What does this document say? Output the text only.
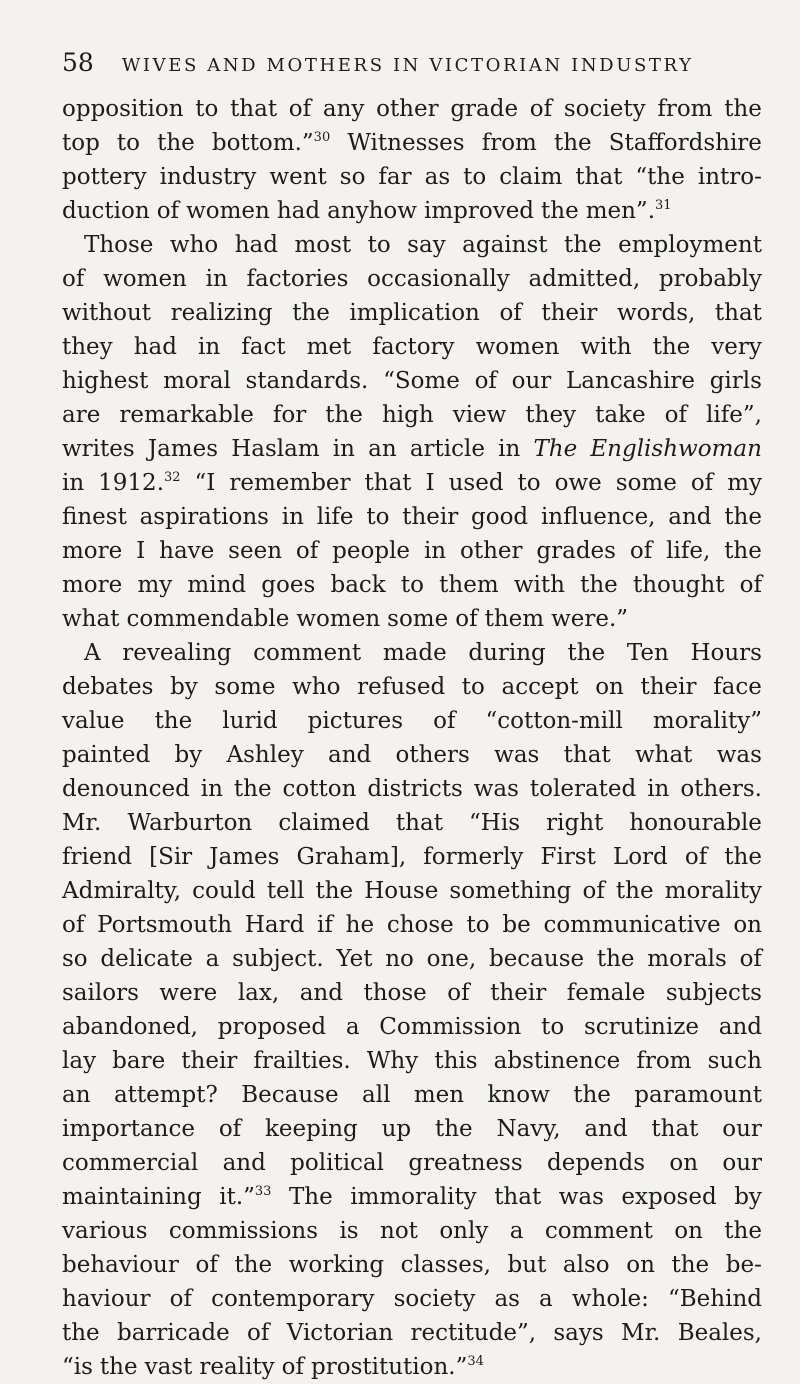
58 WIVES AND MOTHERS IN VICTORIAN INDUSTRY
opposition to that of any other grade of society from the
top to the bottom.”30 Witnesses from the Staffordshire
pottery industry went so far as to claim that “the intro-
duction of women had anyhow improved the men”.31
Those who had most to say against the employment
of women in factories occasionally admitted, probably
without realizing the implication of their words, that
they had in fact met factory women with the very
highest moral standards. “Some of our Lancashire girls
are remarkable for the high view they take of life”,
writes James Haslam in an article in The Englishwoman
in 1912.32 “I remember that I used to owe some of my
finest aspirations in life to their good influence, and the
more I have seen of people in other grades of life, the
more my mind goes back to them with the thought of
what commendable women some of them were.”
A revealing comment made during the Ten Hours
debates by some who refused to accept on their face
value the lurid pictures of “cotton-mill morality”
painted by Ashley and others was that what was
denounced in the cotton districts was tolerated in others.
Mr. Warburton claimed that “His right honourable
friend [Sir James Graham], formerly First Lord of the
Admiralty, could tell the House something of the morality
of Portsmouth Hard if he chose to be communicative on
so delicate a subject. Yet no one, because the morals of
sailors were lax, and those of their female subjects
abandoned, proposed a Commission to scrutinize and
lay bare their frailties. Why this abstinence from such
an attempt? Because all men know the paramount
importance of keeping up the Navy, and that our
commercial and political greatness depends on our
maintaining it.”33 The immorality that was exposed by
various commissions is not only a comment on the
behaviour of the working classes, but also on the be-
haviour of contemporary society as a whole: “Behind
the barricade of Victorian rectitude”, says Mr. Beales,
“is the vast reality of prostitution.”34
